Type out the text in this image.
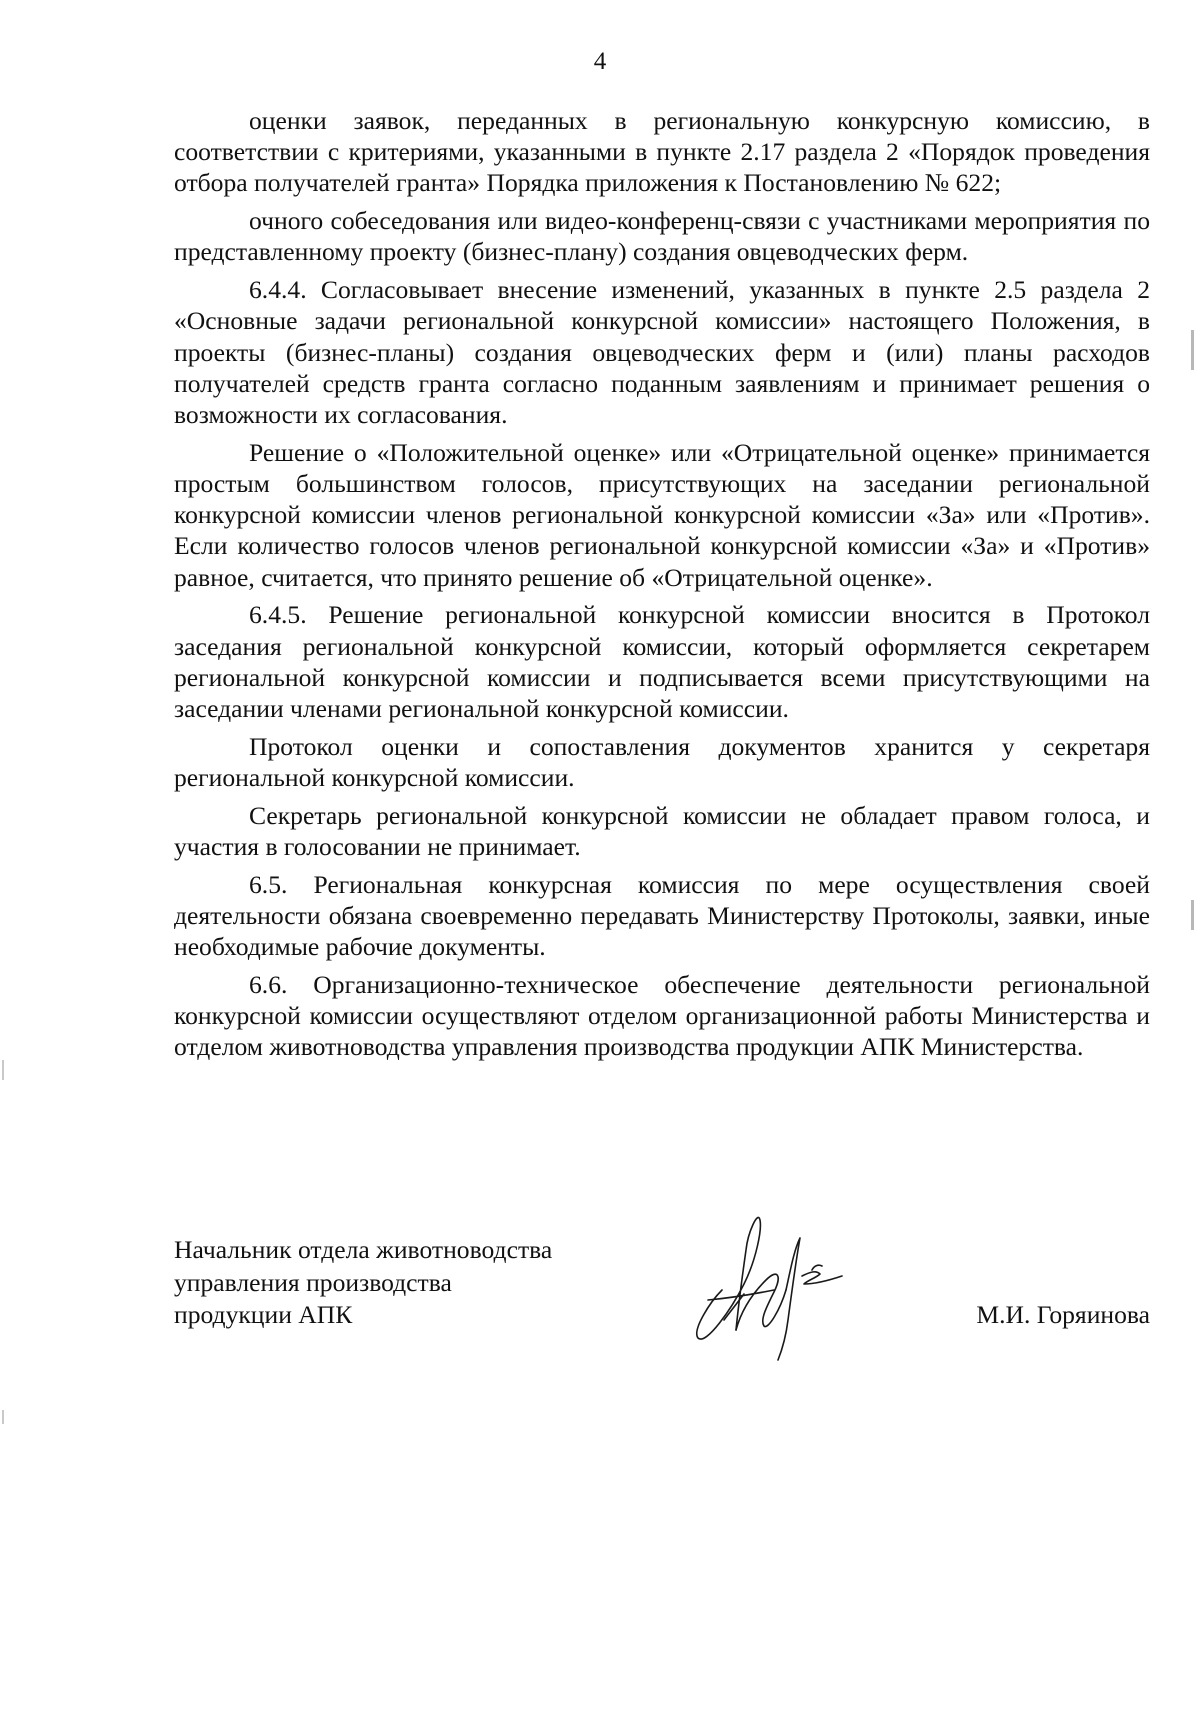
4

оценки заявок, переданных в региональную конкурсную комиссию, в соответствии с критериями, указанными в пункте 2.17 раздела 2 «Порядок проведения отбора получателей гранта» Порядка приложения к Постановлению № 622;

очного собеседования или видео-конференц-связи с участниками мероприятия по представленному проекту (бизнес-плану) создания овцеводческих ферм.

6.4.4. Согласовывает внесение изменений, указанных в пункте 2.5 раздела 2 «Основные задачи региональной конкурсной комиссии» настоящего Положения, в проекты (бизнес-планы) создания овцеводческих ферм и (или) планы расходов получателей средств гранта согласно поданным заявлениям и принимает решения о возможности их согласования.

Решение о «Положительной оценке» или «Отрицательной оценке» принимается простым большинством голосов, присутствующих на заседании региональной конкурсной комиссии членов региональной конкурсной комиссии «За» или «Против». Если количество голосов членов региональной конкурсной комиссии «За» и «Против» равное, считается, что принято решение об «Отрицательной оценке».

6.4.5. Решение региональной конкурсной комиссии вносится в Протокол заседания региональной конкурсной комиссии, который оформляется секретарем региональной конкурсной комиссии и подписывается всеми присутствующими на заседании членами региональной конкурсной комиссии.

Протокол оценки и сопоставления документов хранится у секретаря региональной конкурсной комиссии.

Секретарь региональной конкурсной комиссии не обладает правом голоса, и участия в голосовании не принимает.

6.5. Региональная конкурсная комиссия по мере осуществления своей деятельности обязана своевременно передавать Министерству Протоколы, заявки, иные необходимые рабочие документы.

6.6. Организационно-техническое обеспечение деятельности региональной конкурсной комиссии осуществляют отделом организационной работы Министерства и отделом животноводства управления производства продукции АПК Министерства.

Начальник отдела животноводства
управления производства
продукции АПК	М.И. Горяинова
